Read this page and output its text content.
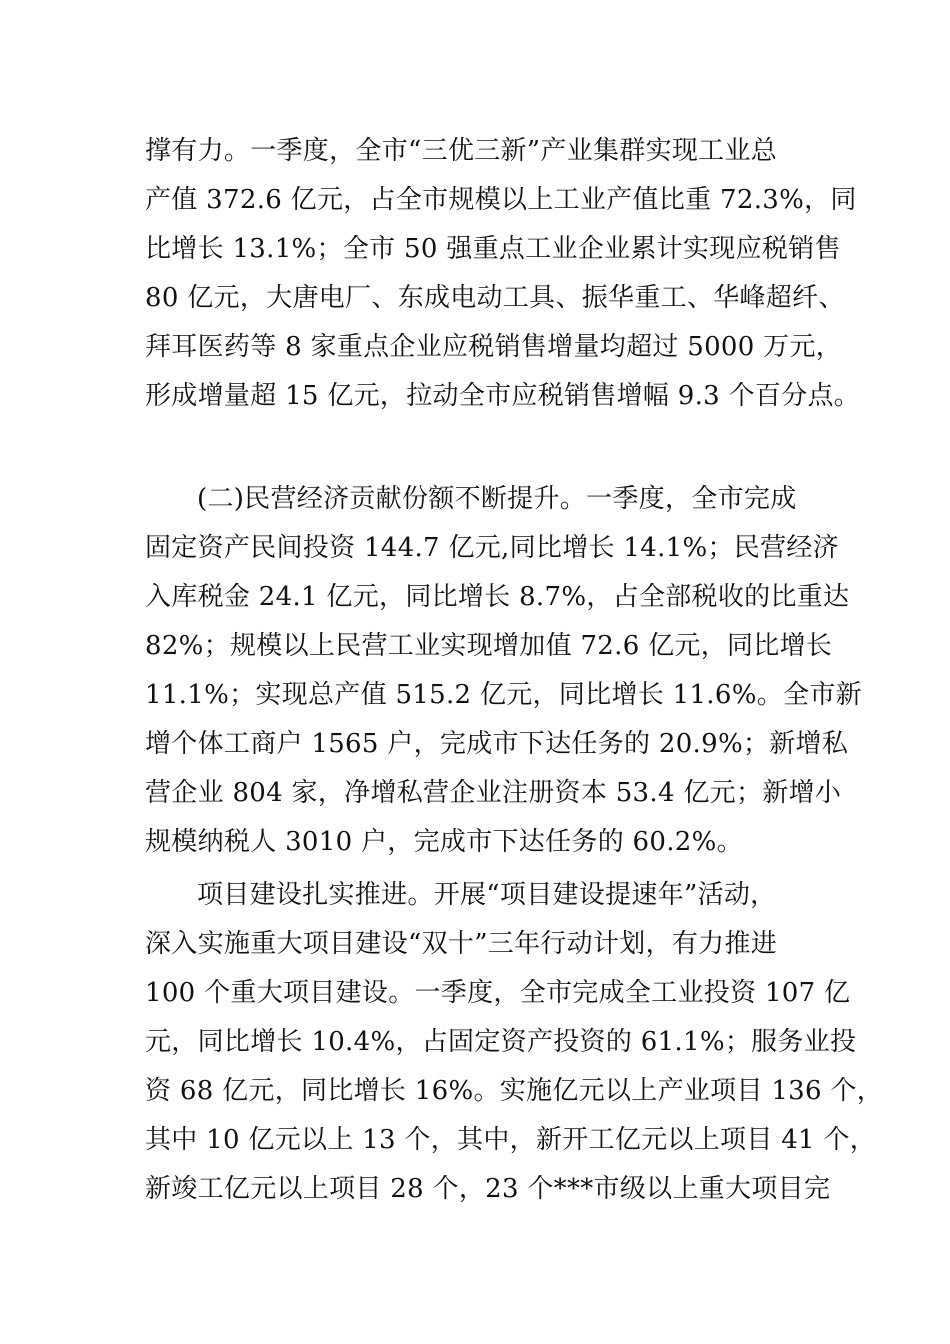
撑有力。一季度，全市“三优三新”产业集群实现工业总
产值 372.6 亿元，占全市规模以上工业产值比重 72.3%，同
比增长 13.1%；全市 50 强重点工业企业累计实现应税销售
80 亿元，大唐电厂、东成电动工具、振华重工、华峰超纤、
拜耳医药等 8 家重点企业应税销售增量均超过 5000 万元，
形成增量超 15 亿元，拉动全市应税销售增幅 9.3 个百分点。
(二)民营经济贡献份额不断提升。一季度，全市完成
固定资产民间投资 144.7 亿元,同比增长 14.1%；民营经济
入库税金 24.1 亿元，同比增长 8.7%，占全部税收的比重达
82%；规模以上民营工业实现增加值 72.6 亿元，同比增长
11.1%；实现总产值 515.2 亿元，同比增长 11.6%。全市新
增个体工商户 1565 户，完成市下达任务的 20.9%；新增私
营企业 804 家，净增私营企业注册资本 53.4 亿元；新增小
规模纳税人 3010 户，完成市下达任务的 60.2%。
项目建设扎实推进。开展“项目建设提速年”活动，
深入实施重大项目建设“双十”三年行动计划，有力推进
100 个重大项目建设。一季度，全市完成全工业投资 107 亿
元，同比增长 10.4%，占固定资产投资的 61.1%；服务业投
资 68 亿元，同比增长 16%。实施亿元以上产业项目 136 个，
其中 10 亿元以上 13 个，其中，新开工亿元以上项目 41 个，
新竣工亿元以上项目 28 个，23 个***市级以上重大项目完
